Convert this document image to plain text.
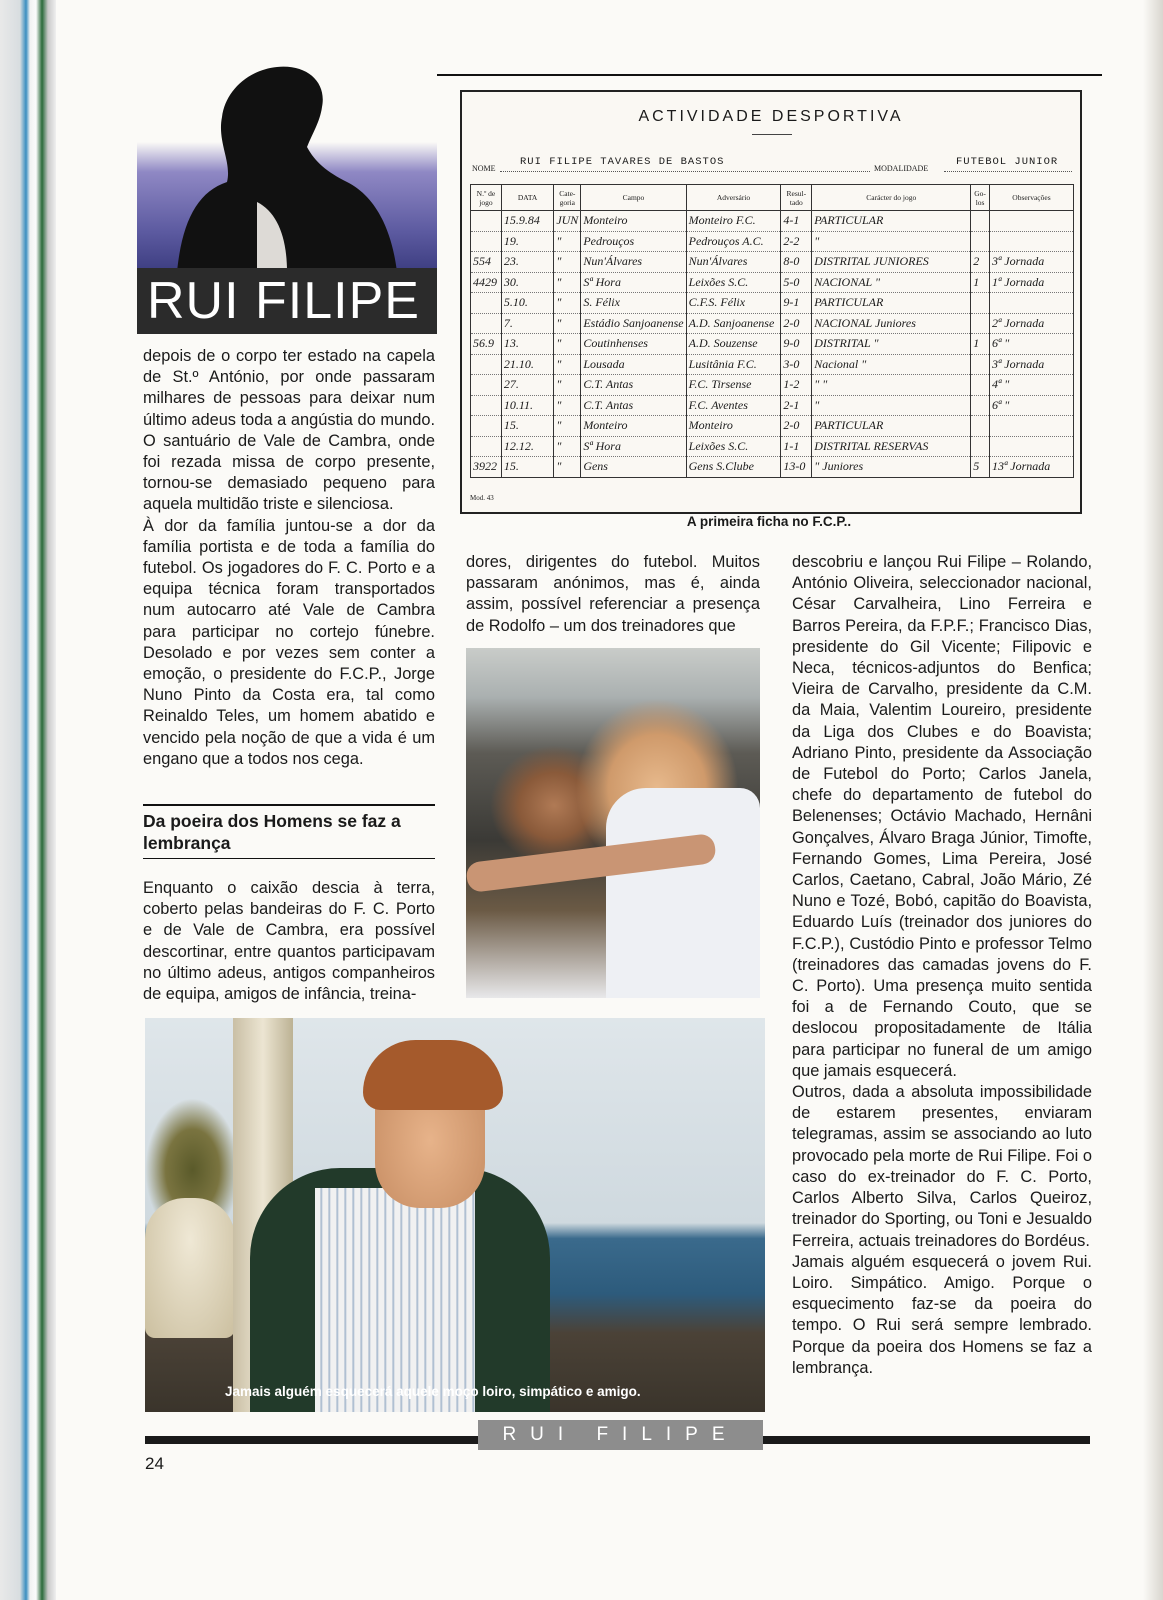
RUI FILIPE

depois de o corpo ter estado na capela de St.º António, por onde passaram milhares de pessoas para deixar num último adeus toda a angústia do mundo. O santuário de Vale de Cambra, onde foi rezada missa de corpo presente, tornou-se demasiado pequeno para aquela multidão triste e silenciosa.

À dor da família juntou-se a dor da família portista e de toda a família do futebol. Os jogadores do F. C. Porto e a equipa técnica foram transportados num autocarro até Vale de Cambra para participar no cortejo fúnebre. Desolado e por vezes sem conter a emoção, o presidente do F.C.P., Jorge Nuno Pinto da Costa era, tal como Reinaldo Teles, um homem abatido e vencido pela noção de que a vida é um engano que a todos nos cega.

Da poeira dos Homens se faz a lembrança

Enquanto o caixão descia à terra, coberto pelas bandeiras do F. C. Porto e de Vale de Cambra, era possível descortinar, entre quantos participavam no último adeus, antigos companheiros de equipa, amigos de infância, treina-

ACTIVIDADE DESPORTIVA
NOME
RUI FILIPE TAVARES DE BASTOS
MODALIDADE
FUTEBOL JUNIOR
N.º de jogo	DATA	Cate- goria	Campo	Adversário	Resul- tado	Carácter do jogo	Go- los	Observações
	15.9.84	JUN	Monteiro	Monteiro F.C.	4-1	PARTICULAR		
	19.	"	Pedrouços	Pedrouços A.C.	2-2	"		
554	23.	"	Nun'Álvares	Nun'Álvares	8-0	DISTRITAL JUNIORES	2	3ª Jornada
4429	30.	"	Sª Hora	Leixões S.C.	5-0	NACIONAL "	1	1ª Jornada
	5.10.	"	S. Félix	C.F.S. Félix	9-1	PARTICULAR		
	7.	"	Estádio Sanjoanense	A.D. Sanjoanense	2-0	NACIONAL Juniores		2ª Jornada
56.9	13.	"	Coutinhenses	A.D. Souzense	9-0	DISTRITAL "	1	6ª "
	21.10.	"	Lousada	Lusitânia F.C.	3-0	Nacional "		3ª Jornada
	27.	"	C.T. Antas	F.C. Tirsense	1-2	" "		4ª "
	10.11.	"	C.T. Antas	F.C. Aventes	2-1	"		6ª "
	15.	"	Monteiro	Monteiro	2-0	PARTICULAR		
	12.12.	"	Sª Hora	Leixões S.C.	1-1	DISTRITAL RESERVAS		
3922	15.	"	Gens	Gens S.Clube	13-0	" Juniores	5	13ª Jornada
Mod. 43
A primeira ficha no F.C.P..

dores, dirigentes do futebol. Muitos passaram anónimos, mas é, ainda assim, possível referenciar a presença de Rodolfo – um dos treinadores que

descobriu e lançou Rui Filipe – Rolando, António Oliveira, seleccionador nacional, César Carvalheira, Lino Ferreira e Barros Pereira, da F.P.F.; Francisco Dias, presidente do Gil Vicente; Filipovic e Neca, técnicos-adjuntos do Benfica; Vieira de Carvalho, presidente da C.M. da Maia, Valentim Loureiro, presidente da Liga dos Clubes e do Boavista; Adriano Pinto, presidente da Associação de Futebol do Porto; Carlos Janela, chefe do departamento de futebol do Belenenses; Octávio Machado, Hernâni Gonçalves, Álvaro Braga Júnior, Timofte, Fernando Gomes, Lima Pereira, José Carlos, Caetano, Cabral, João Mário, Zé Nuno e Tozé, Bobó, capitão do Boavista, Eduardo Luís (treinador dos juniores do F.C.P.), Custódio Pinto e professor Telmo (treinadores das camadas jovens do F. C. Porto). Uma presença muito sentida foi a de Fernando Couto, que se deslocou propositadamente de Itália para participar no funeral de um amigo que jamais esquecerá.

Outros, dada a absoluta impossibilidade de estarem presentes, enviaram telegramas, assim se associando ao luto provocado pela morte de Rui Filipe. Foi o caso do ex-treinador do F. C. Porto, Carlos Alberto Silva, Carlos Queiroz, treinador do Sporting, ou Toni e Jesualdo Ferreira, actuais treinadores do Bordéus.

Jamais alguém esquecerá o jovem Rui. Loiro. Simpático. Amigo. Porque o esquecimento faz-se da poeira do tempo. O Rui será sempre lembrado. Porque da poeira dos Homens se faz a lembrança.

Jamais alguém esquecerá aquele moço loiro, simpático e amigo.
RUI FILIPE
24
